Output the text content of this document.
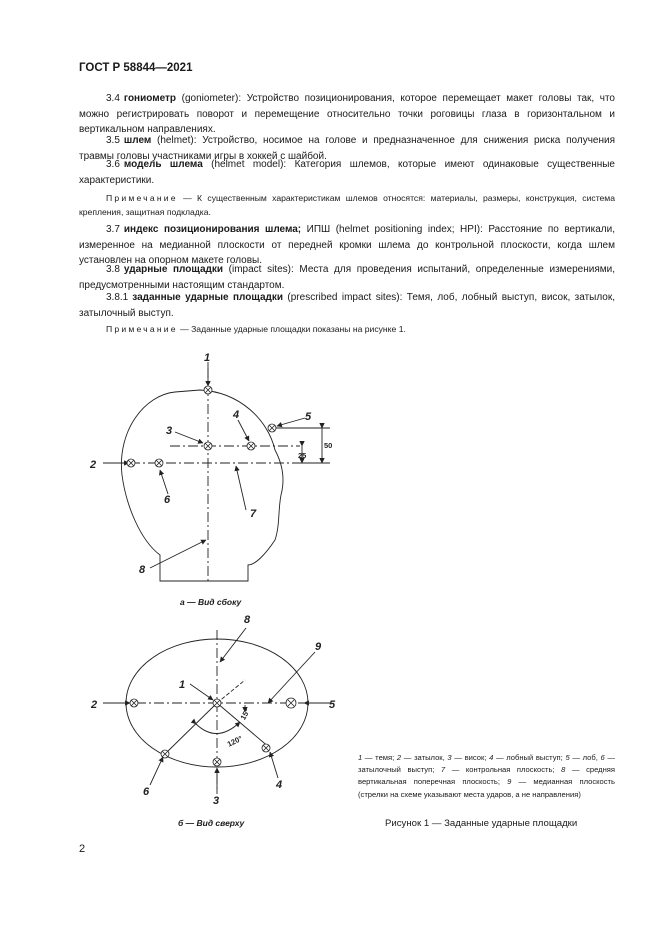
ГОСТ Р 58844—2021

3.4 гониометр (goniometer): Устройство позиционирования, которое перемещает макет головы так, что можно регистрировать поворот и перемещение относительно точки роговицы глаза в горизонтальном и вертикальном направлениях.

3.5 шлем (helmet): Устройство, носимое на голове и предназначенное для снижения риска получения травмы головы участниками игры в хоккей с шайбой.

3.6 модель шлема (helmet model): Категория шлемов, которые имеют одинаковые существенные характеристики.

Примечание — К существенным характеристикам шлемов относятся: материалы, размеры, конструкция, система крепления, защитная подкладка.

3.7 индекс позиционирования шлема; ИПШ (helmet positioning index; HPI): Расстояние по вертикали, измеренное на медианной плоскости от передней кромки шлема до контрольной плоскости, когда шлем установлен на опорном макете головы.

3.8 ударные площадки (impact sites): Места для проведения испытаний, определенные измерениями, предусмотренными настоящим стандартом.

3.8.1 заданные ударные площадки (prescribed impact sites): Темя, лоб, лобный выступ, висок, затылок, затылочный выступ.

Примечание — Заданные ударные площадки показаны на рисунке 1.

1
2
3
4	5
6
7
8
50
25
1
2
3
4
5
6
8
9
15°
120°
а — Вид сбоку
б — Вид сверху

1 — темя; 2 — затылок, 3 — висок; 4 — лобный выступ; 5 — лоб, 6 — затылочный выступ; 7 — контрольная плоскость; 8 — средняя вертикальная поперечная плоскость; 9 — медианная плоскость (стрелки на схеме указывают места ударов, а не направления)

Рисунок 1 — Заданные ударные площадки
2
